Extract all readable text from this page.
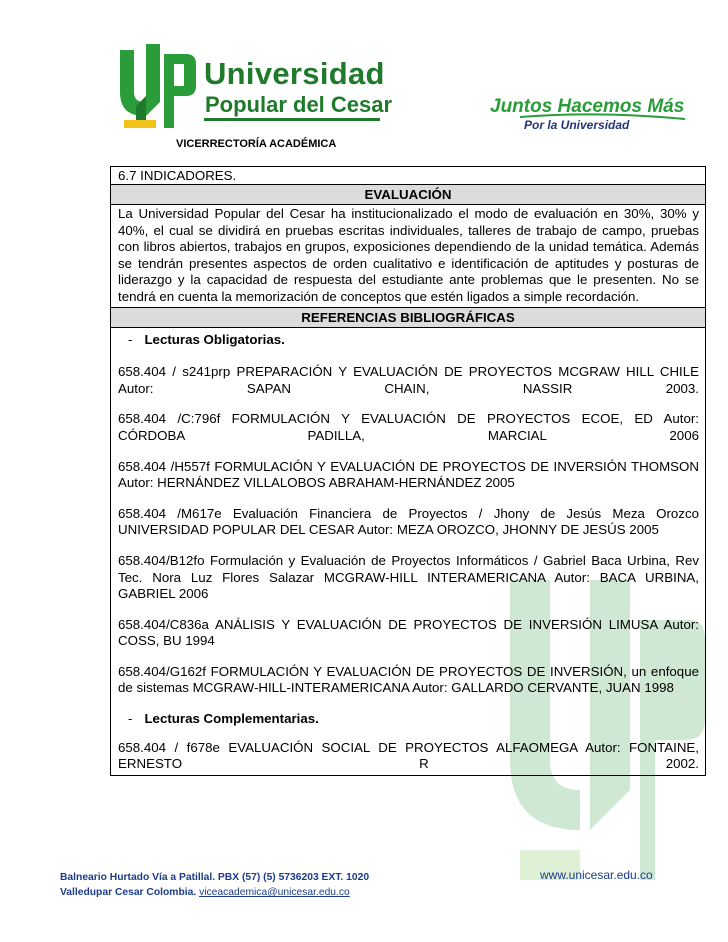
Universidad
Popular del Cesar	Juntos Hacemos Más
Por la Universidad
VICERRECTORÍA ACADÉMICA
6.7 INDICADORES.
EVALUACIÓN
La Universidad Popular del Cesar ha institucionalizado el modo de evaluación en 30%, 30% y 40%, el cual se dividirá en pruebas escritas individuales, talleres de trabajo de campo, pruebas con libros abiertos, trabajos en grupos, exposiciones dependiendo de la unidad temática. Además se tendrán presentes aspectos de orden cualitativo e identificación de aptitudes y posturas de liderazgo y la capacidad de respuesta del estudiante ante problemas que le presenten. No se tendrá en cuenta la memorización de conceptos que estén ligados a simple recordación.
REFERENCIAS BIBLIOGRÁFICAS
- Lecturas Obligatorias.
658.404 / s241prp PREPARACIÓN Y EVALUACIÓN DE PROYECTOS MCGRAW HILL CHILE Autor: SAPAN CHAIN, NASSIR 2003.
658.404 /C:796f FORMULACIÓN Y EVALUACIÓN DE PROYECTOS ECOE, ED Autor: CÓRDOBA PADILLA, MARCIAL 2006
658.404 /H557f FORMULACIÓN Y EVALUACIÓN DE PROYECTOS DE INVERSIÓN THOMSON Autor: HERNÁNDEZ VILLALOBOS ABRAHAM-HERNÁNDEZ 2005
658.404 /M617e Evaluación Financiera de Proyectos / Jhony de Jesús Meza Orozco UNIVERSIDAD POPULAR DEL CESAR Autor: MEZA OROZCO, JHONNY DE JESÚS 2005
658.404/B12fo Formulación y Evaluación de Proyectos Informáticos / Gabriel Baca Urbina, Rev Tec. Nora Luz Flores Salazar MCGRAW-HILL INTERAMERICANA Autor: BACA URBINA, GABRIEL 2006
658.404/C836a ANÁLISIS Y EVALUACIÓN DE PROYECTOS DE INVERSIÓN LIMUSA Autor: COSS, BU 1994
658.404/G162f FORMULACIÓN Y EVALUACIÓN DE PROYECTOS DE INVERSIÓN, un enfoque de sistemas MCGRAW-HILL-INTERAMERICANA Autor: GALLARDO CERVANTE, JUAN 1998
- Lecturas Complementarias.
658.404 / f678e EVALUACIÓN SOCIAL DE PROYECTOS ALFAOMEGA Autor: FONTAINE, ERNESTO R 2002.
Balneario Hurtado Vía a Patillal. PBX (57) (5) 5736203 EXT. 1020
Valledupar Cesar Colombia. viceacademica@unicesar.edu.co
www.unicesar.edu.co
